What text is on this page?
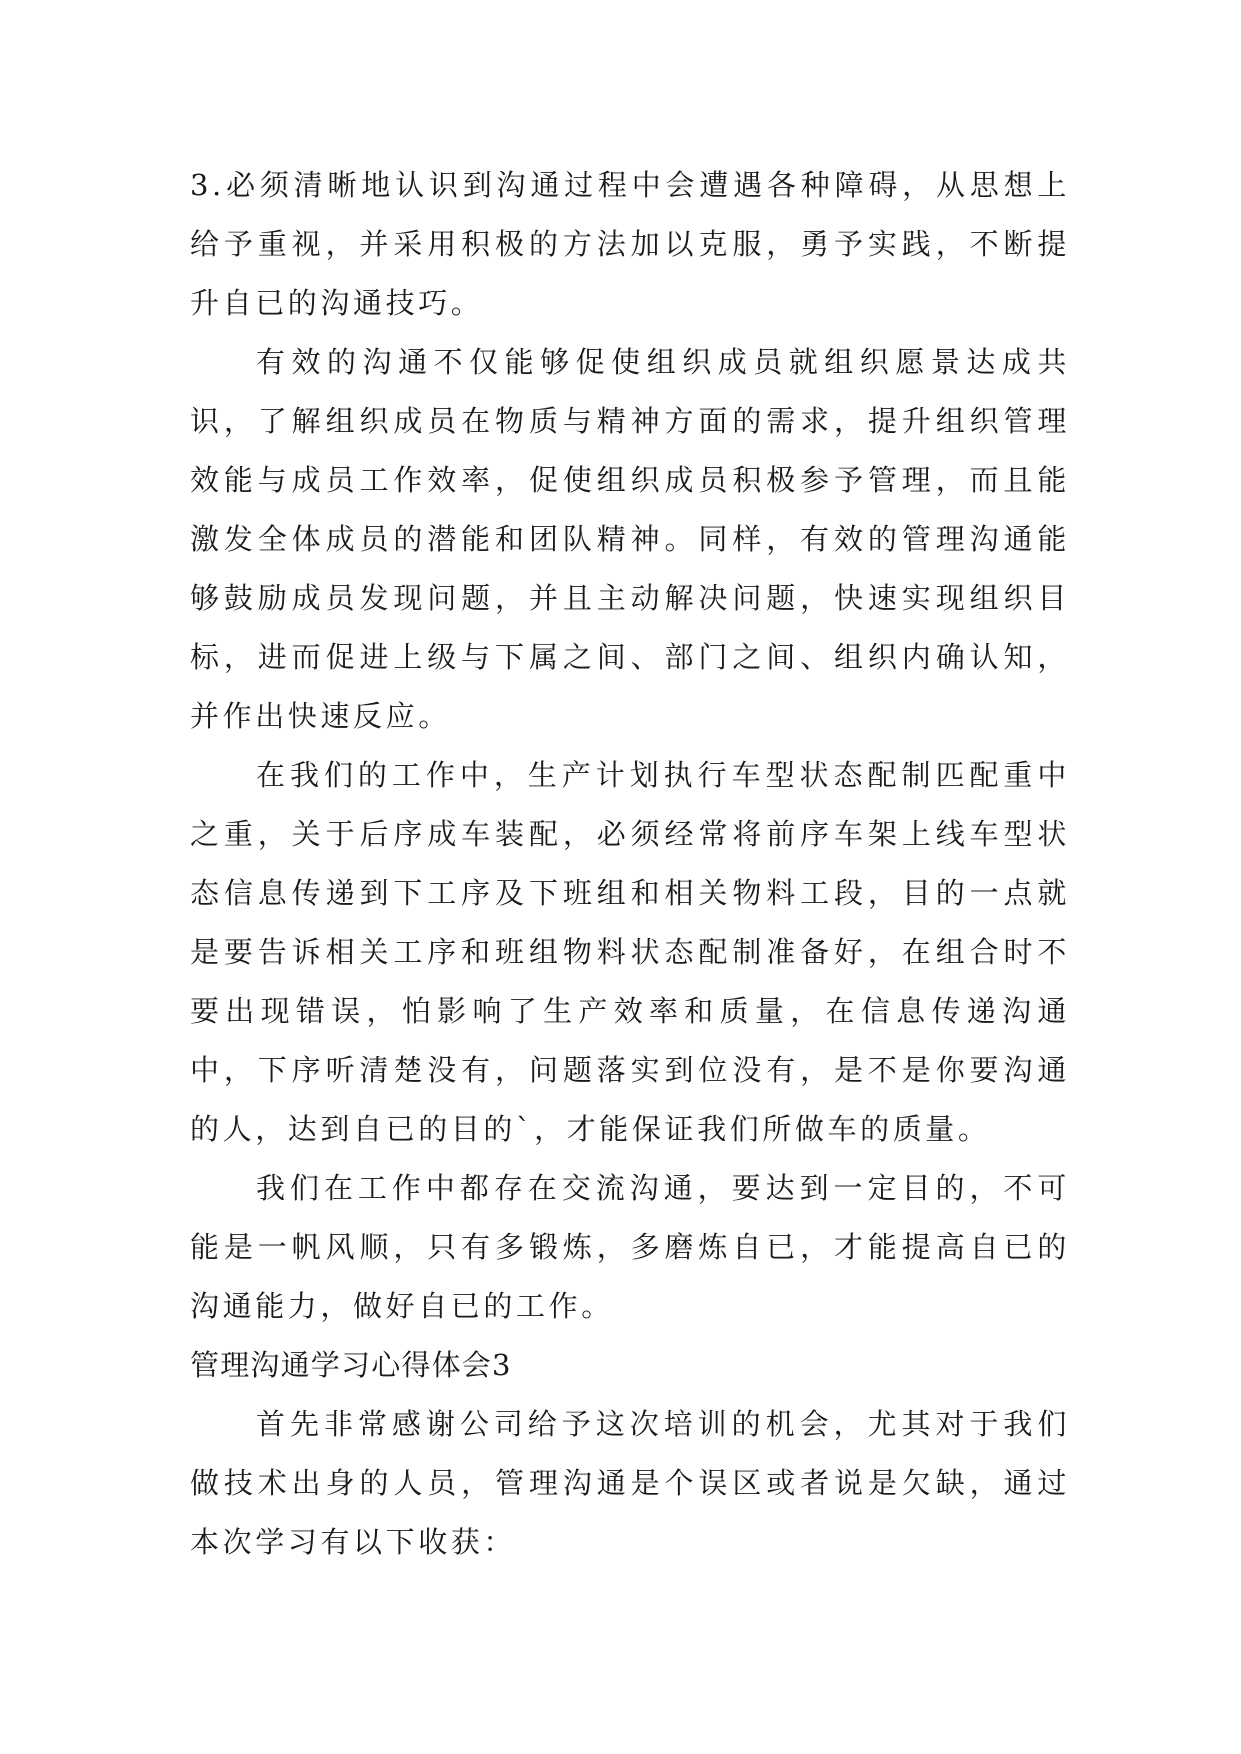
3.必须清晰地认识到沟通过程中会遭遇各种障碍，从思想上给予重视，并采用积极的方法加以克服，勇予实践，不断提升自已的沟通技巧。

有效的沟通不仅能够促使组织成员就组织愿景达成共识，了解组织成员在物质与精神方面的需求，提升组织管理效能与成员工作效率，促使组织成员积极参予管理，而且能激发全体成员的潜能和团队精神。同样，有效的管理沟通能够鼓励成员发现问题，并且主动解决问题，快速实现组织目标，进而促进上级与下属之间、部门之间、组织内确认知，并作出快速反应。

在我们的工作中，生产计划执行车型状态配制匹配重中之重，关于后序成车装配，必须经常将前序车架上线车型状态信息传递到下工序及下班组和相关物料工段，目的一点就是要告诉相关工序和班组物料状态配制准备好，在组合时不要出现错误，怕影响了生产效率和质量，在信息传递沟通中，下序听清楚没有，问题落实到位没有，是不是你要沟通的人，达到自已的目的`，才能保证我们所做车的质量。

我们在工作中都存在交流沟通，要达到一定目的，不可能是一帆风顺，只有多锻炼，多磨炼自已，才能提高自已的沟通能力，做好自已的工作。

管理沟通学习心得体会3

首先非常感谢公司给予这次培训的机会，尤其对于我们做技术出身的人员，管理沟通是个误区或者说是欠缺，通过本次学习有以下收获：
